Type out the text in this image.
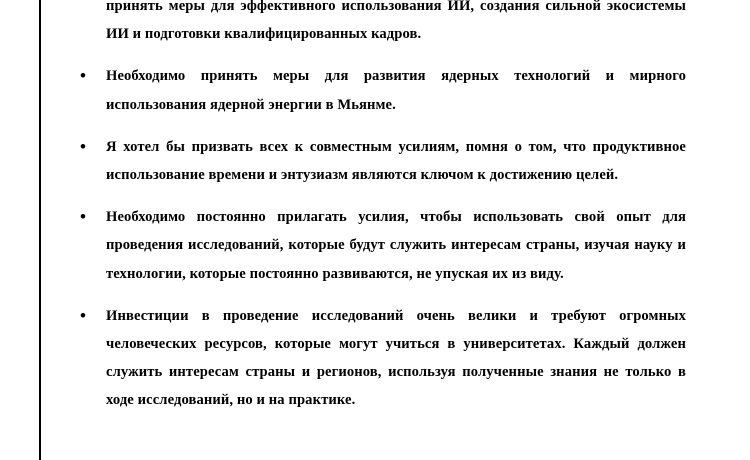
принять меры для эффективного использования ИИ, создания сильной экосистемы ИИ и подготовки квалифицированных кадров.
•	Необходимо принять меры для развития ядерных технологий и мирного использования ядерной энергии в Мьянме.
•	Я хотел бы призвать всех к совместным усилиям, помня о том, что продуктивное использование времени и энтузиазм являются ключом к достижению целей.
•	Необходимо постоянно прилагать усилия, чтобы использовать свой опыт для проведения исследований, которые будут служить интересам страны, изучая науку и технологии, которые постоянно развиваются, не упуская их из виду.
•	Инвестиции в проведение исследований очень велики и требуют огромных человеческих ресурсов, которые могут учиться в университетах. Каждый должен служить интересам страны и регионов, используя полученные знания не только в ходе исследований, но и на практике.
